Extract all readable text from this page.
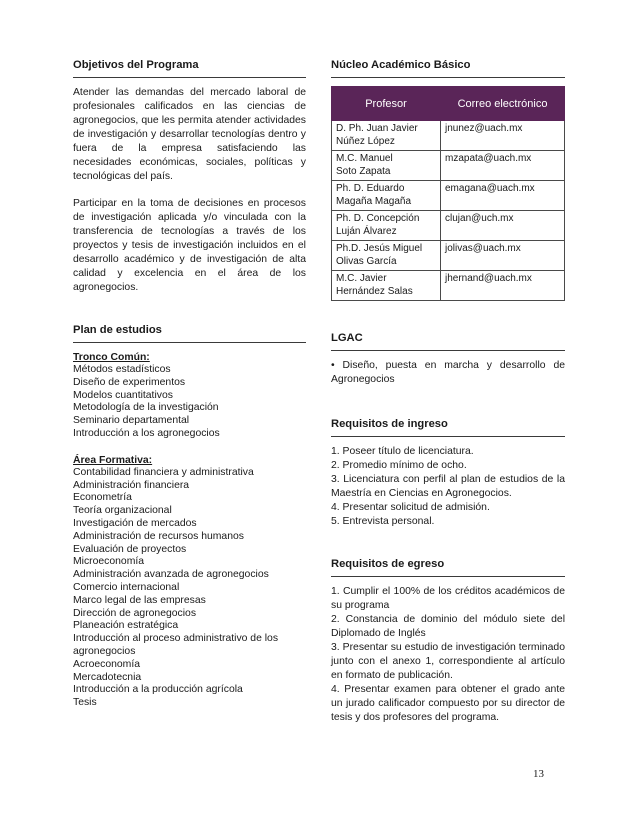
Objetivos del Programa

Atender las demandas del mercado laboral de profesionales calificados en las ciencias de agronegocios, que les permita atender actividades de investigación y desarrollar tecnologías dentro y fuera de la empresa satisfaciendo las necesidades económicas, sociales, políticas y tecnológicas del país.

Participar en la toma de decisiones en procesos de investigación aplicada y/o vinculada con la transferencia de tecnologías a través de los proyectos y tesis de investigación incluidos en el desarrollo académico y de investigación de alta calidad y excelencia en el área de los agronegocios.

Plan de estudios
Tronco Común:
Métodos estadísticos
Diseño de experimentos
Modelos cuantitativos
Metodología de la investigación
Seminario departamental
Introducción a los agronegocios
Área Formativa:
Contabilidad financiera y administrativa
Administración financiera
Econometría
Teoría organizacional
Investigación de mercados
Administración de recursos humanos
Evaluación de proyectos
Microeconomía
Administración avanzada de agronegocios
Comercio internacional
Marco legal de las empresas
Dirección de agronegocios
Planeación estratégica
Introducción al proceso administrativo de los agronegocios
Acroeconomía
Mercadotecnia
Introducción a la producción agrícola
Tesis
Núcleo Académico Básico
Profesor	Correo electrónico

D. Ph. Juan Javier
Núñez López	jnunez@uach.mx

M.C. Manuel
Soto Zapata	mzapata@uach.mx

Ph. D. Eduardo
Magaña Magaña	emagana@uach.mx

Ph. D. Concepción
Luján Álvarez	clujan@uch.mx

Ph.D. Jesús Miguel
Olivas García	jolivas@uach.mx

M.C. Javier
Hernández Salas	jhernand@uach.mx
LGAC

• Diseño, puesta en marcha y desarrollo de Agronegocios

Requisitos de ingreso

1. Poseer título de licenciatura.

2. Promedio mínimo de ocho.

3. Licenciatura con perfil al plan de estudios de la Maestría en Ciencias en Agronegocios.

4. Presentar solicitud de admisión.

5. Entrevista personal.

Requisitos de egreso

1. Cumplir el 100% de los créditos académicos de su programa

2. Constancia de dominio del módulo siete del Diplomado de Inglés

3. Presentar su estudio de investigación terminado junto con el anexo 1, correspondiente al artículo en formato de publicación.

4. Presentar examen para obtener el grado ante un jurado calificador compuesto por su director de tesis y dos profesores del programa.

13
